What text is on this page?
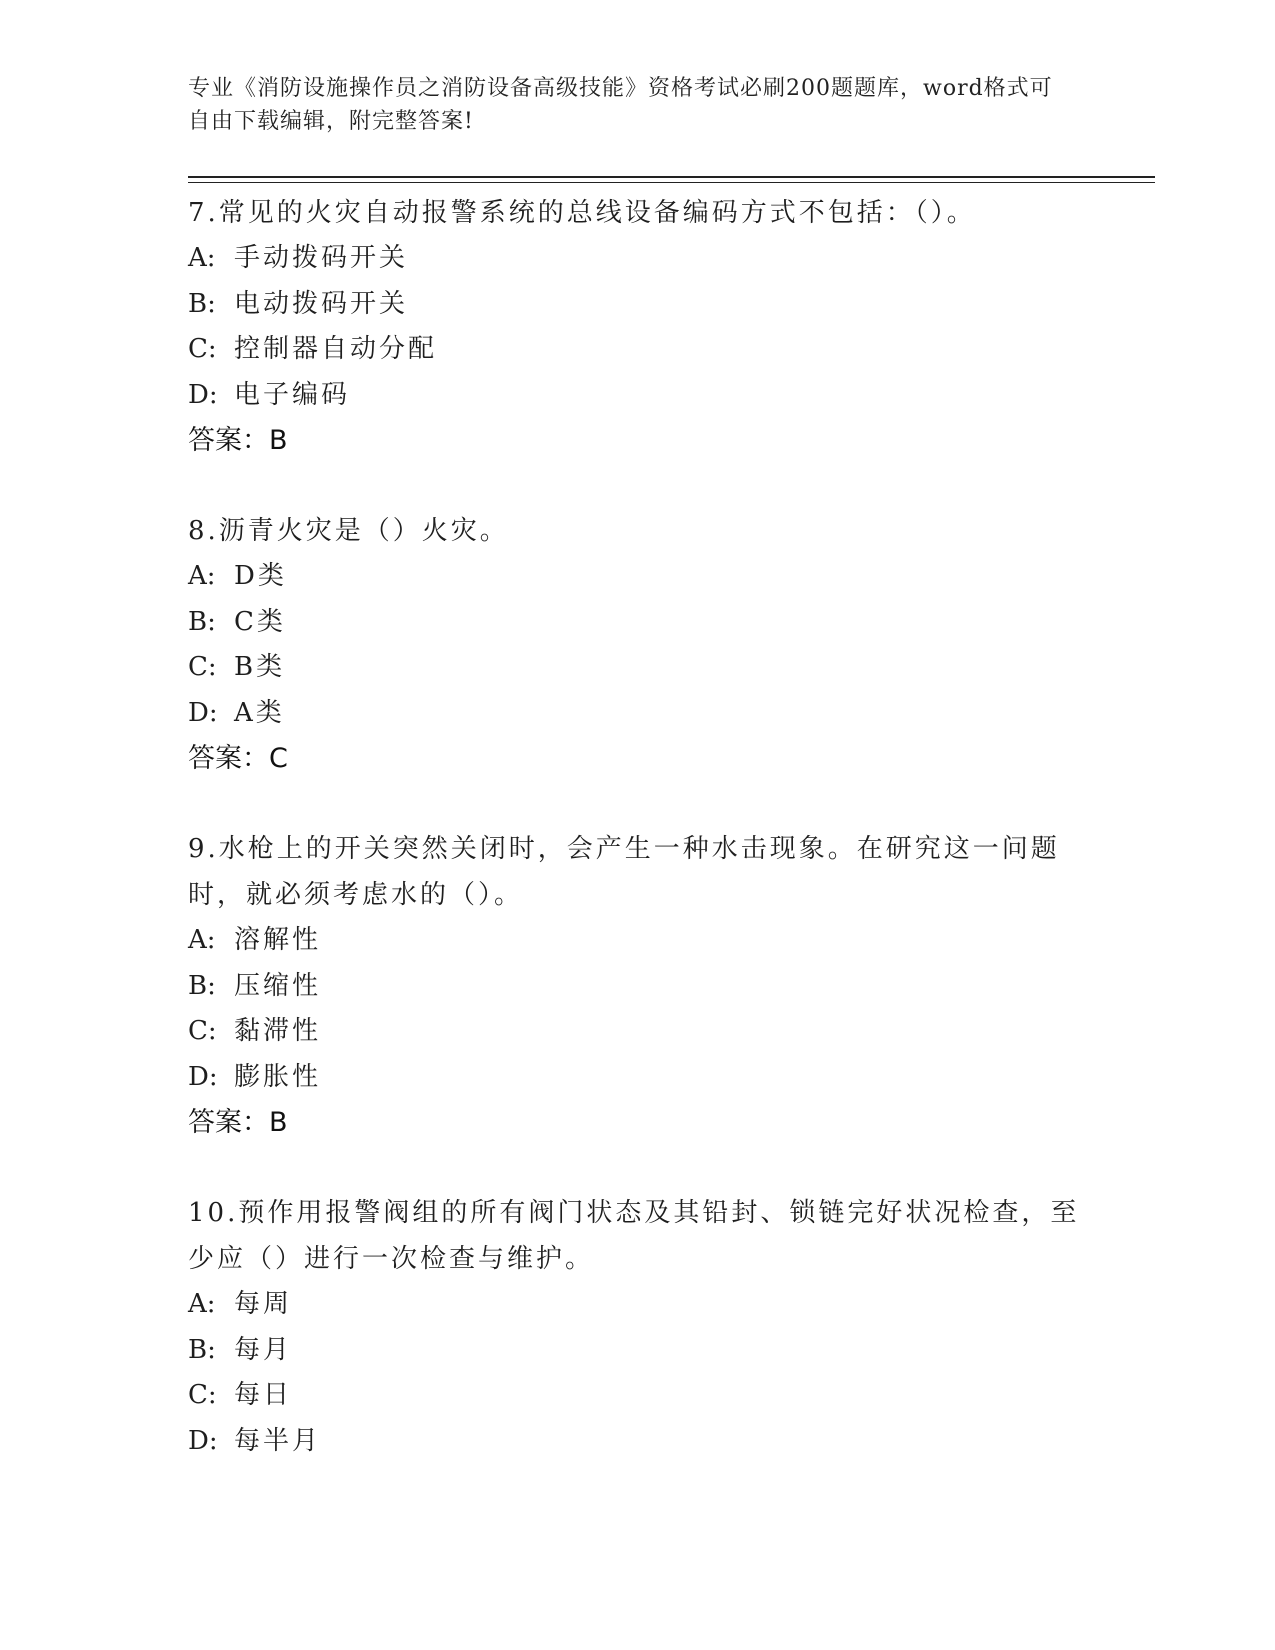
专业《消防设施操作员之消防设备高级技能》资格考试必刷200题题库，word格式可自由下载编辑，附完整答案!

7.常见的火灾自动报警系统的总线设备编码方式不包括：（）。

A: 手动拨码开关

B: 电动拨码开关

C: 控制器自动分配

D: 电子编码

答案：B

8.沥青火灾是（）火灾。

A: D类

B: C类

C: B类

D: A类

答案：C

9.水枪上的开关突然关闭时，会产生一种水击现象。在研究这一问题时，就必须考虑水的（）。

A: 溶解性

B: 压缩性

C: 黏滞性

D: 膨胀性

答案：B

10.预作用报警阀组的所有阀门状态及其铅封、锁链完好状况检查，至少应（）进行一次检查与维护。

A: 每周

B: 每月

C: 每日

D: 每半月
